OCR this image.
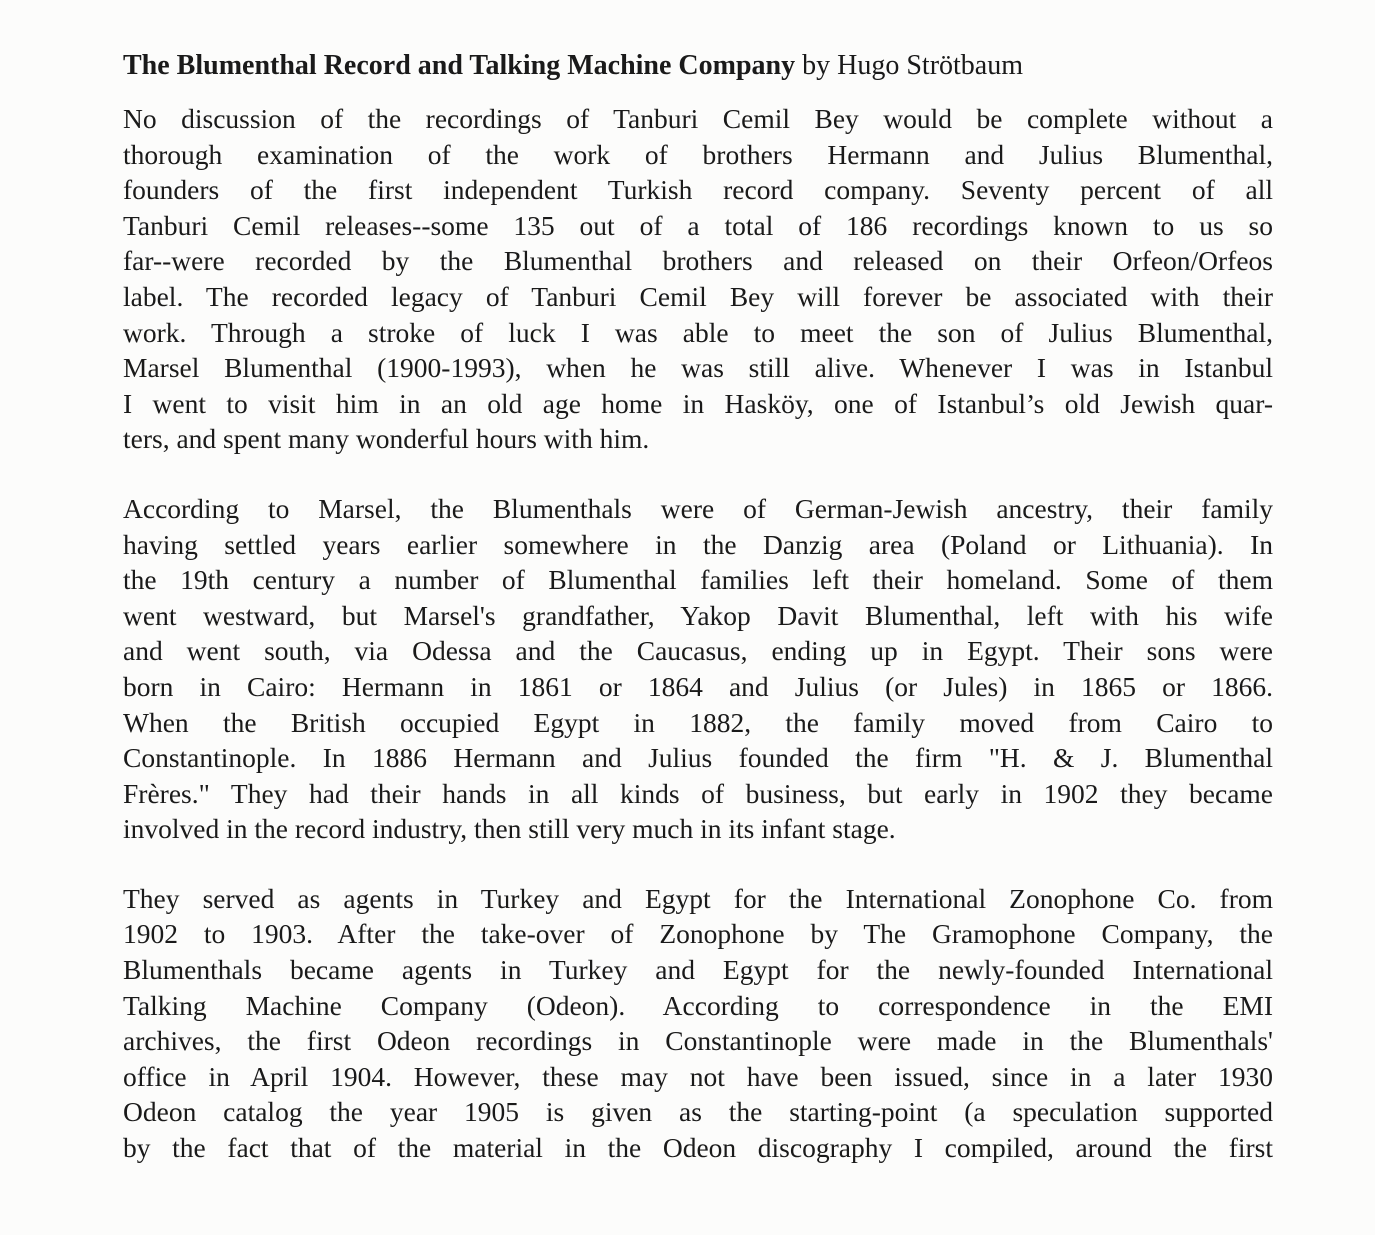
The Blumenthal Record and Talking Machine Company by Hugo Strötbaum
No discussion of the recordings of Tanburi Cemil Bey would be complete without a
thorough examination of the work of brothers Hermann and Julius Blumenthal,
founders of the first independent Turkish record company. Seventy percent of all
Tanburi Cemil releases--some 135 out of a total of 186 recordings known to us so
far--were recorded by the Blumenthal brothers and released on their Orfeon/Orfeos
label. The recorded legacy of Tanburi Cemil Bey will forever be associated with their
work. Through a stroke of luck I was able to meet the son of Julius Blumenthal,
Marsel Blumenthal (1900-1993), when he was still alive. Whenever I was in Istanbul
I went to visit him in an old age home in Hasköy, one of Istanbul’s old Jewish quar-
ters, and spent many wonderful hours with him.
According to Marsel, the Blumenthals were of German-Jewish ancestry, their family
having settled years earlier somewhere in the Danzig area (Poland or Lithuania). In
the 19th century a number of Blumenthal families left their homeland. Some of them
went westward, but Marsel's grandfather, Yakop Davit Blumenthal, left with his wife
and went south, via Odessa and the Caucasus, ending up in Egypt. Their sons were
born in Cairo: Hermann in 1861 or 1864 and Julius (or Jules) in 1865 or 1866.
When the British occupied Egypt in 1882, the family moved from Cairo to
Constantinople. In 1886 Hermann and Julius founded the firm "H. & J. Blumenthal
Frères." They had their hands in all kinds of business, but early in 1902 they became
involved in the record industry, then still very much in its infant stage.
They served as agents in Turkey and Egypt for the International Zonophone Co. from
1902 to 1903. After the take-over of Zonophone by The Gramophone Company, the
Blumenthals became agents in Turkey and Egypt for the newly-founded International
Talking Machine Company (Odeon). According to correspondence in the EMI
archives, the first Odeon recordings in Constantinople were made in the Blumenthals'
office in April 1904. However, these may not have been issued, since in a later 1930
Odeon catalog the year 1905 is given as the starting-point (a speculation supported
by the fact that of the material in the Odeon discography I compiled, around the first
